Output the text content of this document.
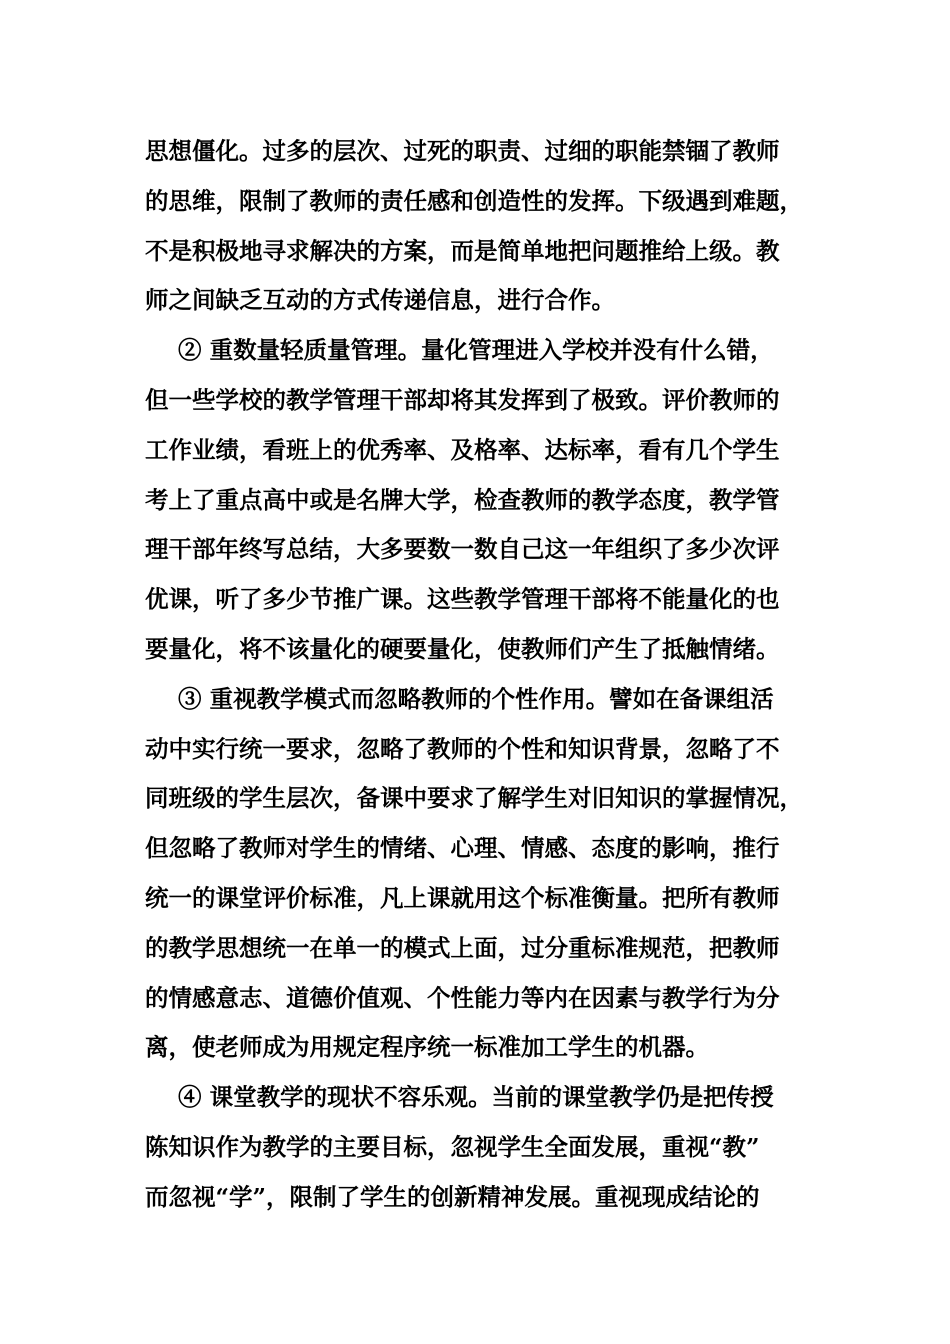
思想僵化。过多的层次、过死的职责、过细的职能禁锢了教师
的思维，限制了教师的责任感和创造性的发挥。下级遇到难题，
不是积极地寻求解决的方案，而是简单地把问题推给上级。教
师之间缺乏互动的方式传递信息，进行合作。
② 重数量轻质量管理。量化管理进入学校并没有什么错，
但一些学校的教学管理干部却将其发挥到了极致。评价教师的
工作业绩，看班上的优秀率、及格率、达标率，看有几个学生
考上了重点高中或是名牌大学，检查教师的教学态度，教学管
理干部年终写总结，大多要数一数自己这一年组织了多少次评
优课，听了多少节推广课。这些教学管理干部将不能量化的也
要量化，将不该量化的硬要量化，使教师们产生了抵触情绪。
③ 重视教学模式而忽略教师的个性作用。譬如在备课组活
动中实行统一要求，忽略了教师的个性和知识背景，忽略了不
同班级的学生层次，备课中要求了解学生对旧知识的掌握情况，
但忽略了教师对学生的情绪、心理、情感、态度的影响，推行
统一的课堂评价标准，凡上课就用这个标准衡量。把所有教师
的教学思想统一在单一的模式上面，过分重标准规范，把教师
的情感意志、道德价值观、个性能力等内在因素与教学行为分
离，使老师成为用规定程序统一标准加工学生的机器。
④ 课堂教学的现状不容乐观。当前的课堂教学仍是把传授
陈知识作为教学的主要目标，忽视学生全面发展，重视“教”
而忽视“学”，限制了学生的创新精神发展。重视现成结论的
